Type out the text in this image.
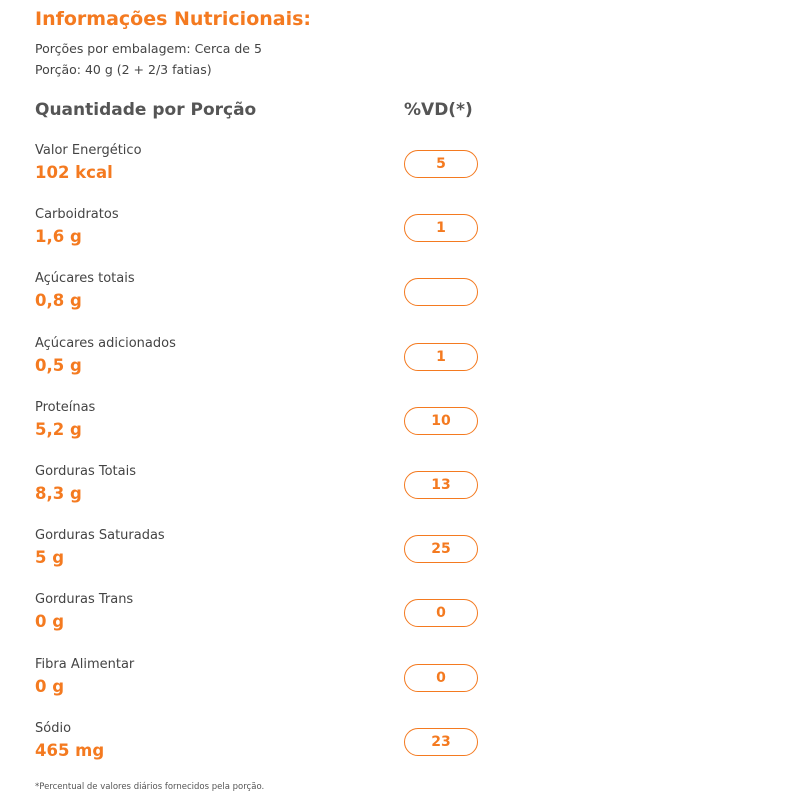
Informações Nutricionais:
Porções por embalagem: Cerca de 5
Porção: 40 g (2 + 2/3 fatias)
Quantidade por Porção	%VD(*)
Valor Energético
102 kcal	5
Carboidratos
1,6 g	1
Açúcares totais
0,8 g
Açúcares adicionados
0,5 g	1
Proteínas
5,2 g	10
Gorduras Totais
8,3 g	13
Gorduras Saturadas
5 g	25
Gorduras Trans
0 g	0
Fibra Alimentar
0 g	0
Sódio
465 mg	23
*Percentual de valores diários fornecidos pela porção.
